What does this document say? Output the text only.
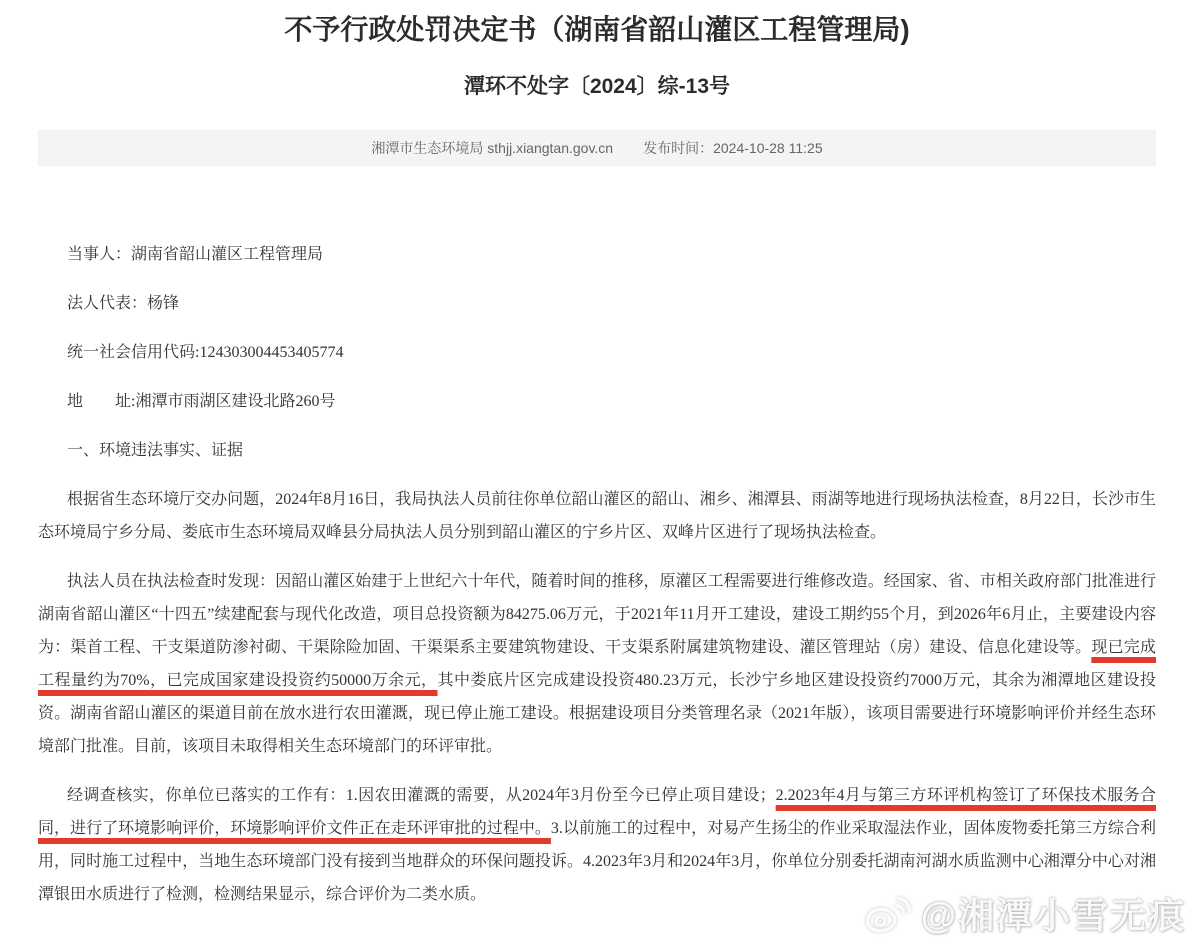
不予行政处罚决定书（湖南省韶山灌区工程管理局)
潭环不处字〔2024〕综-13号
湘潭市生态环境局 sthjj.xiangtan.gov.cn 发布时间：2024-10-28 11:25

当事人：湖南省韶山灌区工程管理局

法人代表：杨锋

统一社会信用代码:124303004453405774

地　　址:湘潭市雨湖区建设北路260号

一、环境违法事实、证据

根据省生态环境厅交办问题，2024年8月16日，我局执法人员前往你单位韶山灌区的韶山、湘乡、湘潭县、雨湖等地进行现场执法检查，8月22日，长沙市生态环境局宁乡分局、娄底市生态环境局双峰县分局执法人员分别到韶山灌区的宁乡片区、双峰片区进行了现场执法检查。

执法人员在执法检查时发现：因韶山灌区始建于上世纪六十年代，随着时间的推移，原灌区工程需要进行维修改造。经国家、省、市相关政府部门批准进行湖南省韶山灌区“十四五”续建配套与现代化改造，项目总投资额为84275.06万元，于2021年11月开工建设，建设工期约55个月，到2026年6月止，主要建设内容为：渠首工程、干支渠道防渗衬砌、干渠除险加固、干渠渠系主要建筑物建设、干支渠系附属建筑物建设、灌区管理站（房）建设、信息化建设等。现已完成工程量约为70%，已完成国家建设投资约50000万余元，其中娄底片区完成建设投资480.23万元，长沙宁乡地区建设投资约7000万元，其余为湘潭地区建设投资。湖南省韶山灌区的渠道目前在放水进行农田灌溉，现已停止施工建设。根据建设项目分类管理名录（2021年版），该项目需要进行环境影响评价并经生态环境部门批准。目前，该项目未取得相关生态环境部门的环评审批。

经调查核实，你单位已落实的工作有：1.因农田灌溉的需要，从2024年3月份至今已停止项目建设；2.2023年4月与第三方环评机构签订了环保技术服务合同，进行了环境影响评价，环境影响评价文件正在走环评审批的过程中。3.以前施工的过程中，对易产生扬尘的作业采取湿法作业，固体废物委托第三方综合利用，同时施工过程中，当地生态环境部门没有接到当地群众的环保问题投诉。4.2023年3月和2024年3月，你单位分别委托湖南河湖水质监测中心湘潭分中心对湘潭银田水质进行了检测，检测结果显示，综合评价为二类水质。

@湘潭小雪无痕
